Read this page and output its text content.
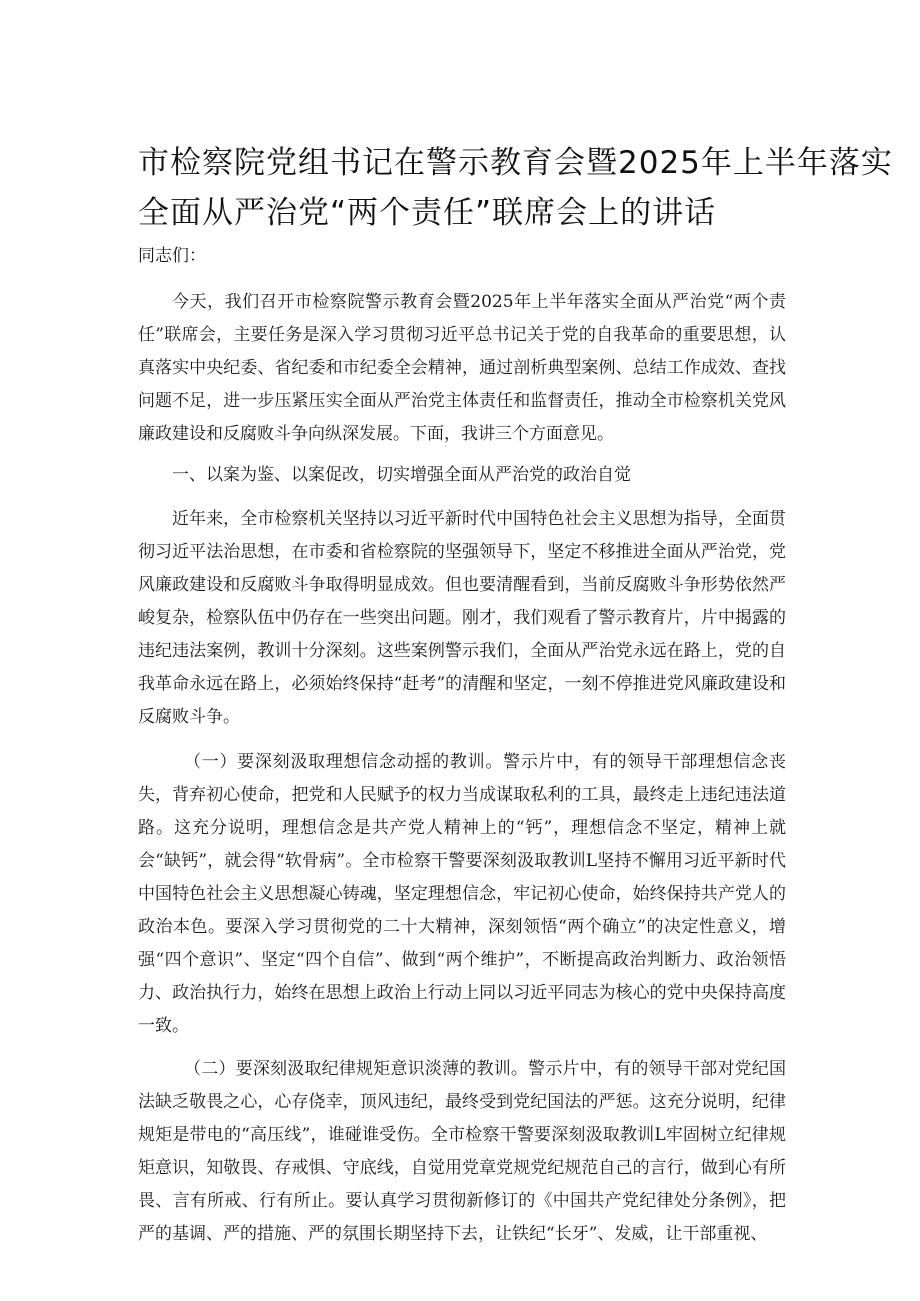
市检察院党组书记在警示教育会暨2025年上半年落实
全面从严治党“两个责任”联席会上的讲话

同志们：

今天，我们召开市检察院警示教育会暨2025年上半年落实全面从严治党“两个责任”联席会，主要任务是深入学习贯彻习近平总书记关于党的自我革命的重要思想，认真落实中央纪委、省纪委和市纪委全会精神，通过剖析典型案例、总结工作成效、查找问题不足，进一步压紧压实全面从严治党主体责任和监督责任，推动全市检察机关党风廉政建设和反腐败斗争向纵深发展。下面，我讲三个方面意见。

一、以案为鉴、以案促改，切实增强全面从严治党的政治自觉

近年来，全市检察机关坚持以习近平新时代中国特色社会主义思想为指导，全面贯彻习近平法治思想，在市委和省检察院的坚强领导下，坚定不移推进全面从严治党，党风廉政建设和反腐败斗争取得明显成效。但也要清醒看到，当前反腐败斗争形势依然严峻复杂，检察队伍中仍存在一些突出问题。刚才，我们观看了警示教育片，片中揭露的违纪违法案例，教训十分深刻。这些案例警示我们，全面从严治党永远在路上，党的自我革命永远在路上，必须始终保持“赶考”的清醒和坚定，一刻不停推进党风廉政建设和反腐败斗争。

（一）要深刻汲取理想信念动摇的教训。警示片中，有的领导干部理想信念丧失，背弃初心使命，把党和人民赋予的权力当成谋取私利的工具，最终走上违纪违法道路。这充分说明，理想信念是共产党人精神上的“钙”，理想信念不坚定，精神上就会“缺钙”，就会得“软骨病”。全市检察干警要深刻汲取教训L坚持不懈用习近平新时代中国特色社会主义思想凝心铸魂，坚定理想信念，牢记初心使命，始终保持共产党人的政治本色。要深入学习贯彻党的二十大精神，深刻领悟“两个确立”的决定性意义，增强“四个意识”、坚定“四个自信”、做到“两个维护”，不断提高政治判断力、政治领悟力、政治执行力，始终在思想上政治上行动上同以习近平同志为核心的党中央保持高度一致。

（二）要深刻汲取纪律规矩意识淡薄的教训。警示片中，有的领导干部对党纪国法缺乏敬畏之心，心存侥幸，顶风违纪，最终受到党纪国法的严惩。这充分说明，纪律规矩是带电的“高压线”，谁碰谁受伤。全市检察干警要深刻汲取教训L牢固树立纪律规矩意识，知敬畏、存戒惧、守底线，自觉用党章党规党纪规范自己的言行，做到心有所畏、言有所戒、行有所止。要认真学习贯彻新修订的《中国共产党纪律处分条例》，把严的基调、严的措施、严的氛围长期坚持下去，让铁纪“长牙”、发威，让干部重视、
